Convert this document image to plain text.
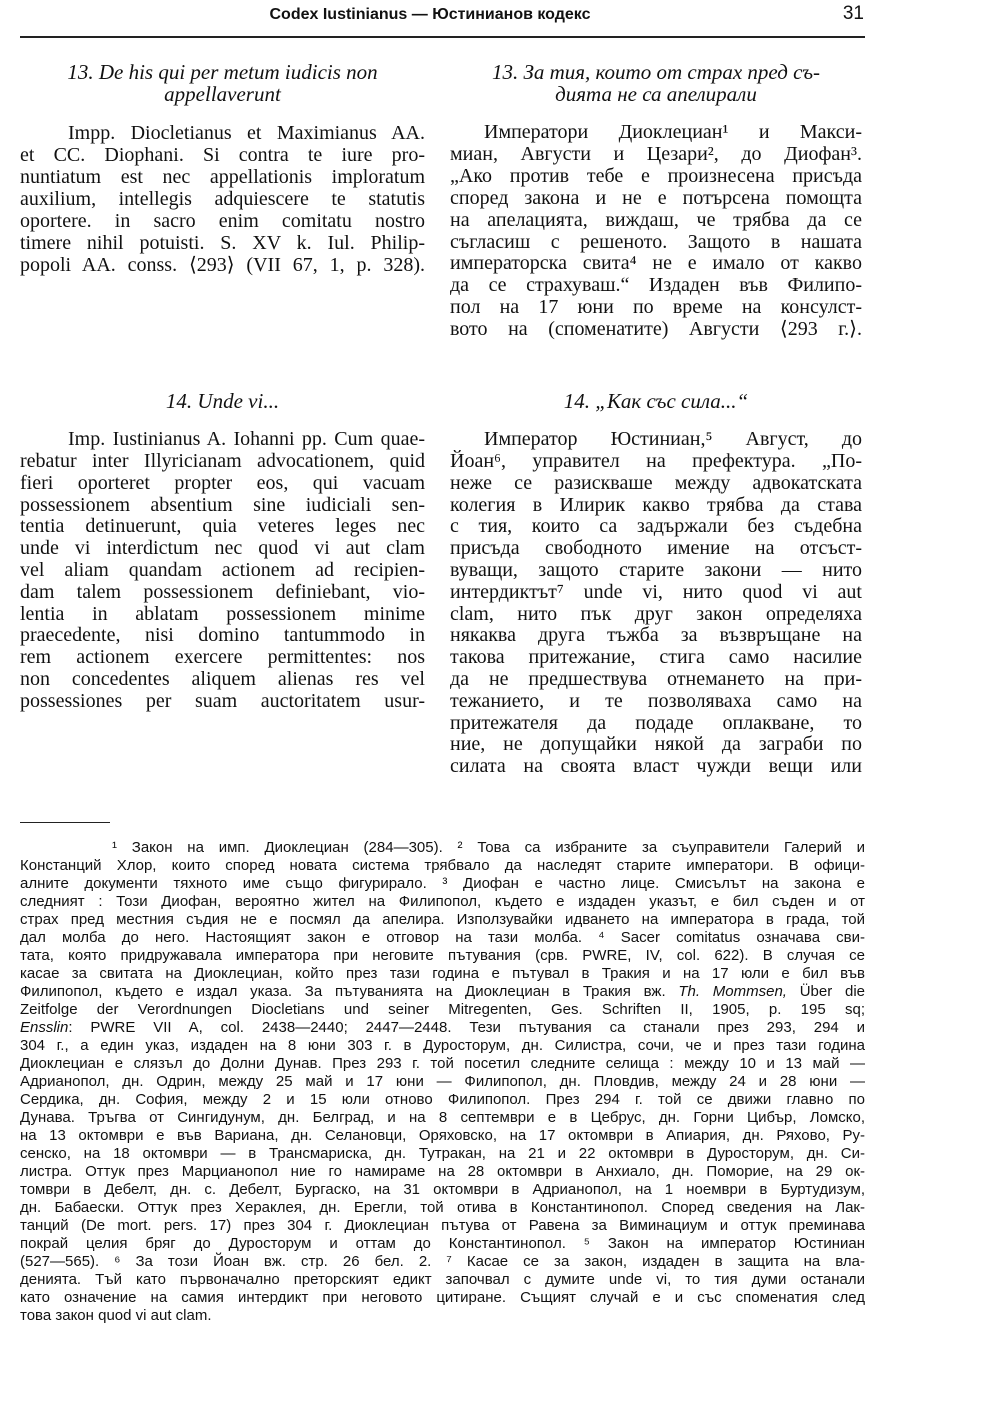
Codex Iustinianus — Юстинианов кодекс	31
13. De his qui per metum iudicis non
appellaverunt
13. За тия, които от страх пред съ-
дията не са апелирали
Impp. Diocletianus et Maximianus AA.
et CC. Diophani. Si contra te iure pro-
nuntiatum est nec appellationis imploratum
auxilium, intellegis adquiescere te statutis
oportere. in sacro enim comitatu nostro
timere nihil potuisti. S. XV k. Iul. Philip-
popoli AA. conss. ⟨293⟩ (VII 67, 1, p. 328).
Императори Диоклециан¹ и Макси-
миан, Августи и Цезари², до Диофан³.
„Ако против тебе е произнесена присъда
според закона и не е потърсена помощта
на апелацията, виждаш, че трябва да се
съгласиш с решеното. Защото в нашата
императорска свита⁴ не е имало от какво
да се страхуваш.“ Издаден във Филипо-
пол на 17 юни по време на консулст-
вото на (споменатите) Августи ⟨293 г.⟩.
14. Unde vi...	14. „Как със сила...“
Imp. Iustinianus A. Iohanni pp. Cum quae-
rebatur inter Illyricianam advocationem, quid
fieri oporteret propter eos, qui vacuam
possessionem absentium sine iudiciali sen-
tentia detinuerunt, quia veteres leges nec
unde vi interdictum nec quod vi aut clam
vel aliam quandam actionem ad recipien-
dam talem possessionem definiebant, vio-
lentia in ablatam possessionem minime
praecedente, nisi domino tantummodo in
rem actionem exercere permittentes: nos
non concedentes aliquem alienas res vel
possessiones per suam auctoritatem usur-
Император Юстиниан,⁵ Август, до
Йоан⁶, управител на префектура. „По-
неже се разискваше между адвокатската
колегия в Илирик какво трябва да става
с тия, които са задържали без съдебна
присъда свободното имение на отсъст-
вуващи, защото старите закони — нито
интердиктът⁷ unde vi, нито quod vi aut
clam, нито пък друг закон определяха
някаква друга тъжба за възвръщане на
такова притежание, стига само насилие
да не предшествува отнемането на при-
тежанието, и те позволяваха само на
притежателя да подаде оплакване, то
ние, не допущайки някой да заграби по
силата на своята власт чужди вещи или
¹ Закон на имп. Диоклециан (284—305). ² Това са избраните за съуправители Галерий и
Констанций Хлор, които според новата система трябвало да наследят старите императори. В офици-
алните документи тяхното име също фигурирало. ³ Диофан е частно лице. Смисълът на закона е
следният : Този Диофан, вероятно жител на Филипопол, където е издаден указът, е бил съден и от
страх пред местния съдия не е посмял да апелира. Използувайки идването на императора в града, той
дал молба до него. Настоящият закон е отговор на тази молба. ⁴ Sacer comitatus означава сви-
тата, която придружавала императора при неговите пътувания (срв. PWRE, IV, col. 622). В случая се
касае за свитата на Диоклециан, който през тази година е пътувал в Тракия и на 17 юли е бил във
Филипопол, където е издал указа. За пътуванията на Диоклециан в Тракия вж. Th. Mommsen, Über die
Zeitfolge der Verordnungen Diocletians und seiner Mitregenten, Ges. Schriften II, 1905, p. 195 sq;
Ensslin: PWRE VII A, col. 2438—2440; 2447—2448. Тези пътувания са станали през 293, 294 и
304 г., а един указ, издаден на 8 юни 303 г. в Дуросторум, дн. Силистра, сочи, че и през тази година
Диоклециан е слязъл до Долни Дунав. През 293 г. той посетил следните селища : между 10 и 13 май —
Адрианопол, дн. Одрин, между 25 май и 17 юни — Филипопол, дн. Пловдив, между 24 и 28 юни —
Сердика, дн. София, между 2 и 15 юли отново Филипопол. През 294 г. той се движи главно по
Дунава. Тръгва от Сингидунум, дн. Белград, и на 8 септември е в Цебрус, дн. Горни Цибър, Ломско,
на 13 октомври е във Вариана, дн. Селановци, Оряховско, на 17 октомври в Апиария, дн. Ряхово, Ру-
сенско, на 18 октомври — в Трансмариска, дн. Тутракан, на 21 и 22 октомври в Дуросторум, дн. Си-
листра. Оттук през Марцианопол ние го намираме на 28 октомври в Анхиало, дн. Поморие, на 29 ок-
томври в Дебелт, дн. с. Дебелт, Бургаско, на 31 октомври в Адрианопол, на 1 ноември в Буртудизум,
дн. Бабаески. Оттук през Хераклея, дн. Ерегли, той отива в Константинопол. Според сведения на Лак-
танций (De mort. pers. 17) през 304 г. Диоклециан пътува от Равена за Виминациум и оттук преминава
покрай целия бряг до Дуросторум и оттам до Константинопол. ⁵ Закон на император Юстиниан
(527—565). ⁶ За този Йоан вж. стр. 26 бел. 2. ⁷ Касае се за закон, издаден в защита на вла-
денията. Тъй като първоначално преторският едикт започвал с думите unde vi, то тия думи останали
като означение на самия интердикт при неговото цитиране. Същият случай е и със споменатия след
това закон quod vi aut clam.
